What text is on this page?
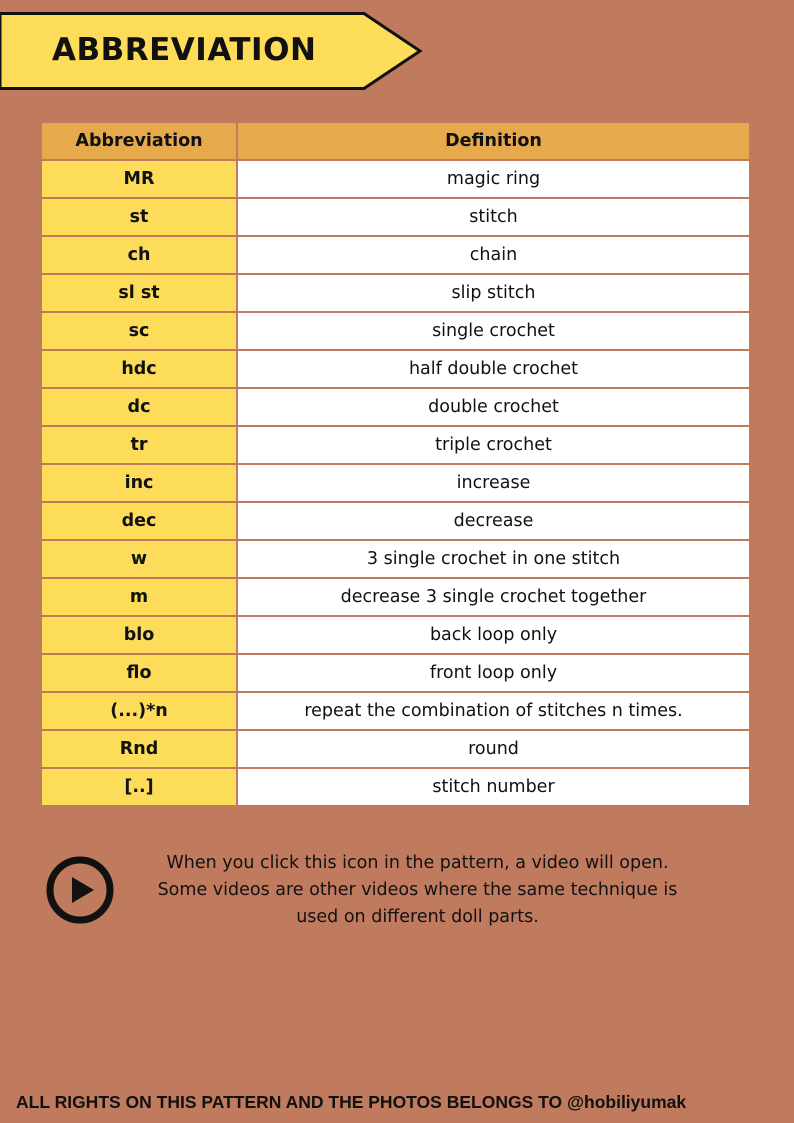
ABBREVIATION
Abbreviation	Definition
MR	magic ring
st	stitch
ch	chain
sl st	slip stitch
sc	single crochet
hdc	half double crochet
dc	double crochet
tr	triple crochet
inc	increase
dec	decrease
w	3 single crochet in one stitch
m	decrease 3 single crochet together
blo	back loop only
flo	front loop only
(...)*n	repeat the combination of stitches n times.
Rnd	round
[..]	stitch number
When you click this icon in the pattern, a video will open.
Some videos are other videos where the same technique is
used on different doll parts.
ALL RIGHTS ON THIS PATTERN AND THE PHOTOS BELONGS TO @hobiliyumak
